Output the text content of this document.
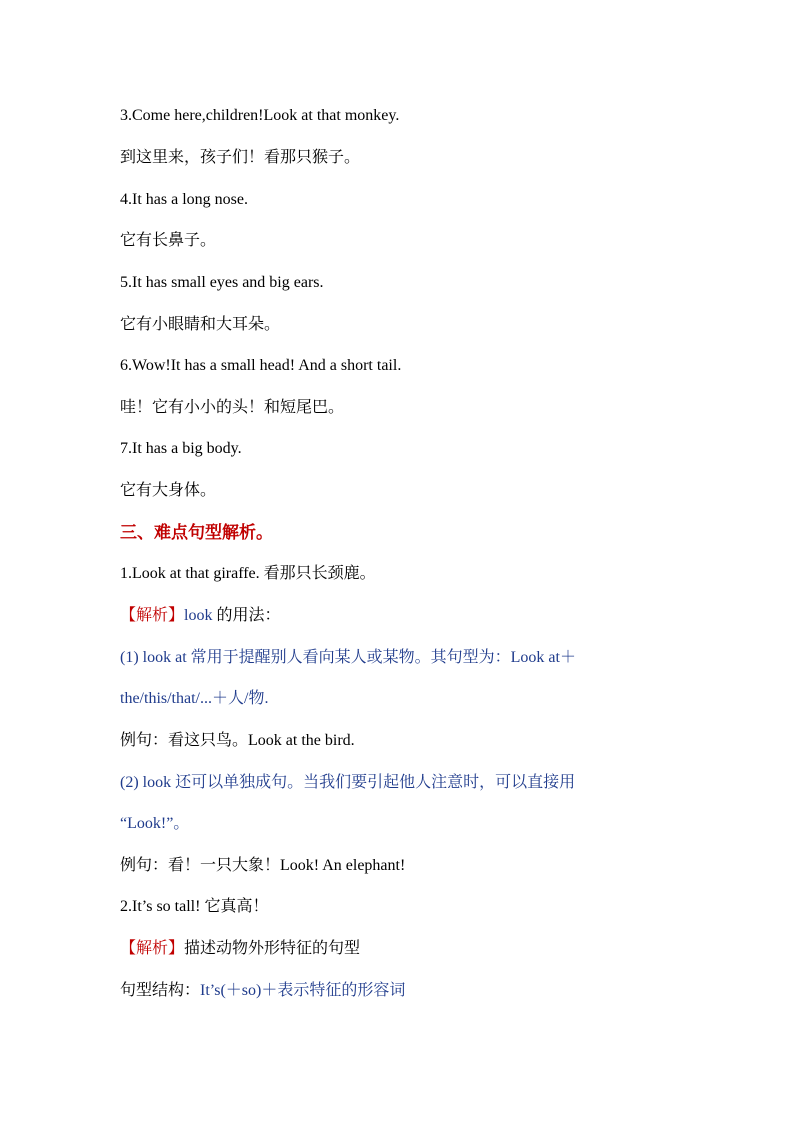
3.Come here,children!Look at that monkey.
到这里来，孩子们！看那只猴子。
4.It has a long nose.
它有长鼻子。
5.It has small eyes and big ears.
它有小眼睛和大耳朵。
6.Wow!It has a small head! And a short tail.
哇！它有小小的头！和短尾巴。
7.It has a big body.
它有大身体。
三、难点句型解析。
1.Look at that giraffe. 看那只长颈鹿。
【解析】look 的用法：
(1) look at 常用于提醒别人看向某人或某物。其句型为：Look at＋
the/this/that/...＋人/物.
例句：看这只鸟。Look at the bird.
(2) look 还可以单独成句。当我们要引起他人注意时，可以直接用
“Look!”。
例句：看！一只大象！Look! An elephant!
2.It’s so tall! 它真高！
【解析】描述动物外形特征的句型
句型结构：It’s(＋so)＋表示特征的形容词
